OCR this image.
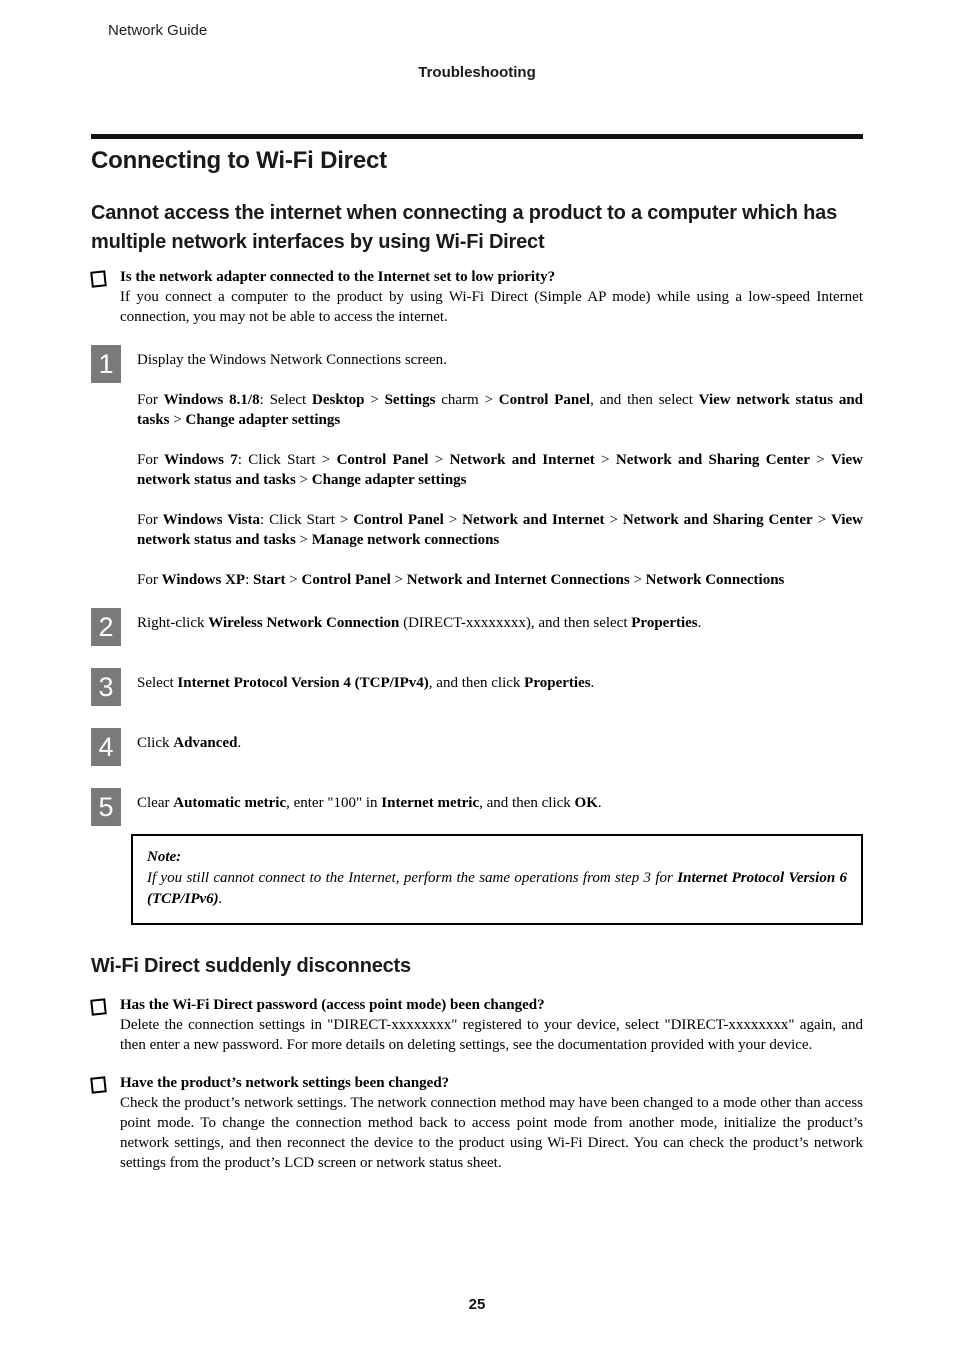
Network Guide
Troubleshooting
Connecting to Wi-Fi Direct
Cannot access the internet when connecting a product to a computer which has multiple network interfaces by using Wi-Fi Direct

Is the network adapter connected to the Internet set to low priority?

If you connect a computer to the product by using Wi-Fi Direct (Simple AP mode) while using a low-speed Internet connection, you may not be able to access the internet.

1	Display the Windows Network Connections screen.

For Windows 8.1/8: Select Desktop > Settings charm > Control Panel, and then select View network status and tasks > Change adapter settings

For Windows 7: Click Start > Control Panel > Network and Internet > Network and Sharing Center > View network status and tasks > Change adapter settings

For Windows Vista: Click Start > Control Panel > Network and Internet > Network and Sharing Center > View network status and tasks > Manage network connections

For Windows XP: Start > Control Panel > Network and Internet Connections > Network Connections

2	Right-click Wireless Network Connection (DIRECT-xxxxxxxx), and then select Properties.

3	Select Internet Protocol Version 4 (TCP/IPv4), and then click Properties.

4	Click Advanced.

5	Clear Automatic metric, enter "100" in Internet metric, and then click OK.

Note:

If you still cannot connect to the Internet, perform the same operations from step 3 for Internet Protocol Version 6 (TCP/IPv6).

Wi-Fi Direct suddenly disconnects

Has the Wi-Fi Direct password (access point mode) been changed?

Delete the connection settings in "DIRECT-xxxxxxxx" registered to your device, select "DIRECT-xxxxxxxx" again, and then enter a new password. For more details on deleting settings, see the documentation provided with your device.

Have the product’s network settings been changed?

Check the product’s network settings. The network connection method may have been changed to a mode other than access point mode. To change the connection method back to access point mode from another mode, initialize the product’s network settings, and then reconnect the device to the product using Wi-Fi Direct. You can check the product’s network settings from the product’s LCD screen or network status sheet.

25
